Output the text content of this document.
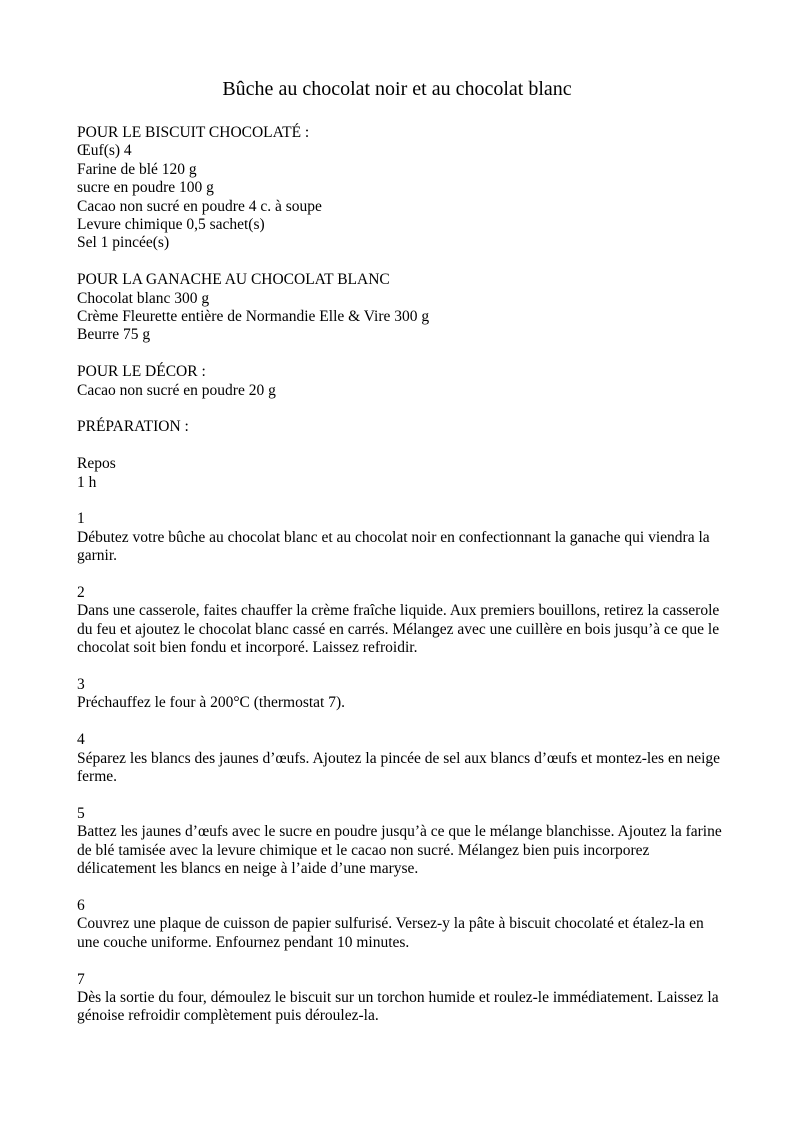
Bûche au chocolat noir et au chocolat blanc
POUR LE BISCUIT CHOCOLATÉ :
Œuf(s) 4
Farine de blé 120 g
sucre en poudre 100 g
Cacao non sucré en poudre 4 c. à soupe
Levure chimique 0,5 sachet(s)
Sel 1 pincée(s)
POUR LA GANACHE AU CHOCOLAT BLANC
Chocolat blanc 300 g
Crème Fleurette entière de Normandie Elle & Vire 300 g
Beurre 75 g
POUR LE DÉCOR :
Cacao non sucré en poudre 20 g
PRÉPARATION :
Repos
1 h
1
Débutez votre bûche au chocolat blanc et au chocolat noir en confectionnant la ganache qui viendra la garnir.
2
Dans une casserole, faites chauffer la crème fraîche liquide. Aux premiers bouillons, retirez la casserole du feu et ajoutez le chocolat blanc cassé en carrés. Mélangez avec une cuillère en bois jusqu’à ce que le chocolat soit bien fondu et incorporé. Laissez refroidir.
3
Préchauffez le four à 200°C (thermostat 7).
4
Séparez les blancs des jaunes d’œufs. Ajoutez la pincée de sel aux blancs d’œufs et montez-les en neige ferme.
5
Battez les jaunes d’œufs avec le sucre en poudre jusqu’à ce que le mélange blanchisse. Ajoutez la farine de blé tamisée avec la levure chimique et le cacao non sucré. Mélangez bien puis incorporez délicatement les blancs en neige à l’aide d’une maryse.
6
Couvrez une plaque de cuisson de papier sulfurisé. Versez-y la pâte à biscuit chocolaté et étalez-la en une couche uniforme. Enfournez pendant 10 minutes.
7
Dès la sortie du four, démoulez le biscuit sur un torchon humide et roulez-le immédiatement. Laissez la génoise refroidir complètement puis déroulez-la.
